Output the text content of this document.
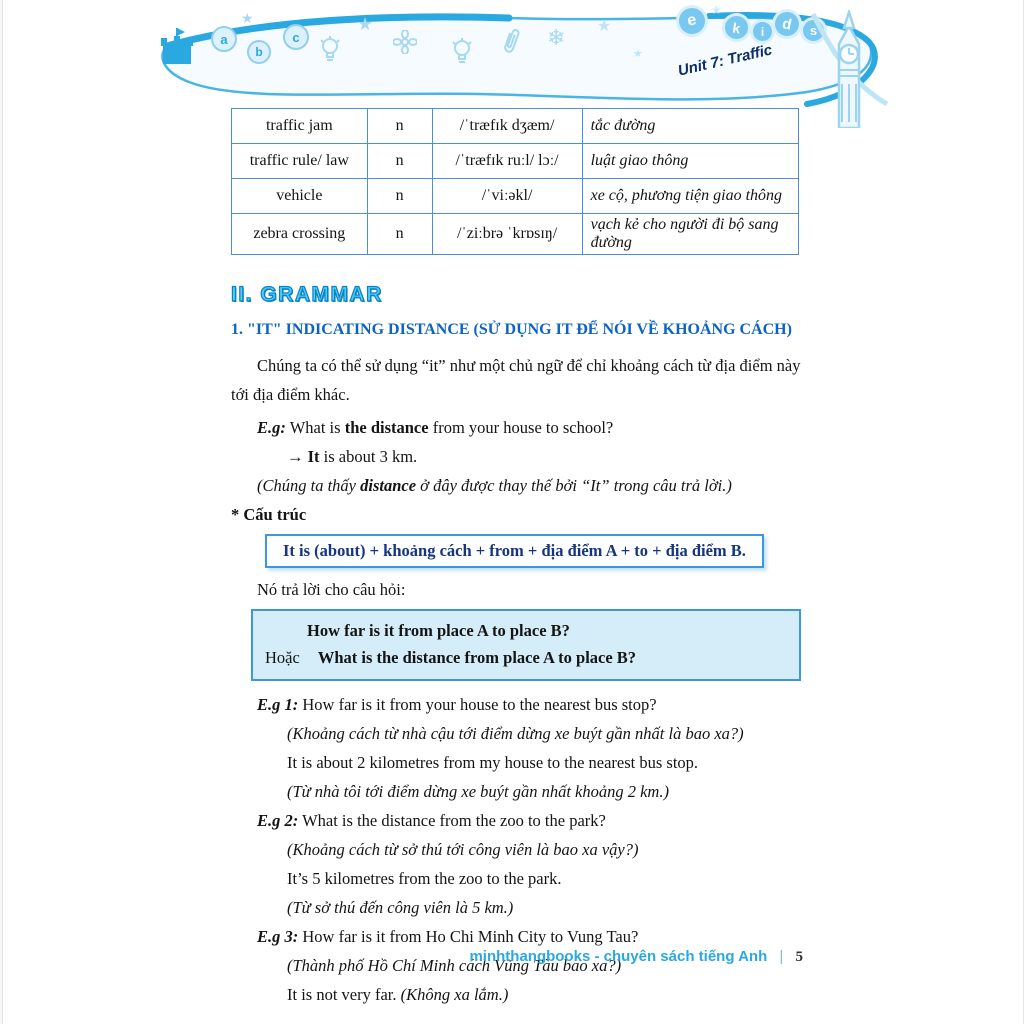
a
★
b
c
★
❄
★
★
e
★
k	i	d	s
Unit 7: Traffic
traffic jam	n	/ˈtræfɪk dʒæm/	tắc đường
traffic rule/ law	n	/ˈtræfɪk ruːl/ lɔː/	luật giao thông
vehicle	n	/ˈviːəkl/	xe cộ, phương tiện giao thông
zebra crossing	n	/ˈziːbrə ˈkrɒsɪŋ/	vạch kẻ cho người đi bộ sang đường
II. GRAMMAR
1. "IT" INDICATING DISTANCE (SỬ DỤNG IT ĐỂ NÓI VỀ KHOẢNG CÁCH)

Chúng ta có thể sử dụng “it” như một chủ ngữ để chỉ khoảng cách từ địa điểm này tới địa điểm khác.

E.g: What is the distance from your house to school?
→ It is about 3 km.
(Chúng ta thấy distance ở đây được thay thế bởi “It” trong câu trả lời.)
* Cấu trúc
It is (about) + khoảng cách + from + địa điểm A + to + địa điểm B.
Nó trả lời cho câu hỏi:
How far is it from place A to place B?
Hoặc What is the distance from place A to place B?
E.g 1: How far is it from your house to the nearest bus stop?
(Khoảng cách từ nhà cậu tới điểm dừng xe buýt gần nhất là bao xa?)
It is about 2 kilometres from my house to the nearest bus stop.
(Từ nhà tôi tới điểm dừng xe buýt gần nhất khoảng 2 km.)
E.g 2: What is the distance from the zoo to the park?
(Khoảng cách từ sở thú tới công viên là bao xa vậy?)
It’s 5 kilometres from the zoo to the park.
(Từ sở thú đến công viên là 5 km.)
E.g 3: How far is it from Ho Chi Minh City to Vung Tau?
(Thành phố Hồ Chí Minh cách Vũng Tàu bao xa?)
It is not very far. (Không xa lắm.)
minhthangbooks - chuyên sách tiếng Anh | 5
